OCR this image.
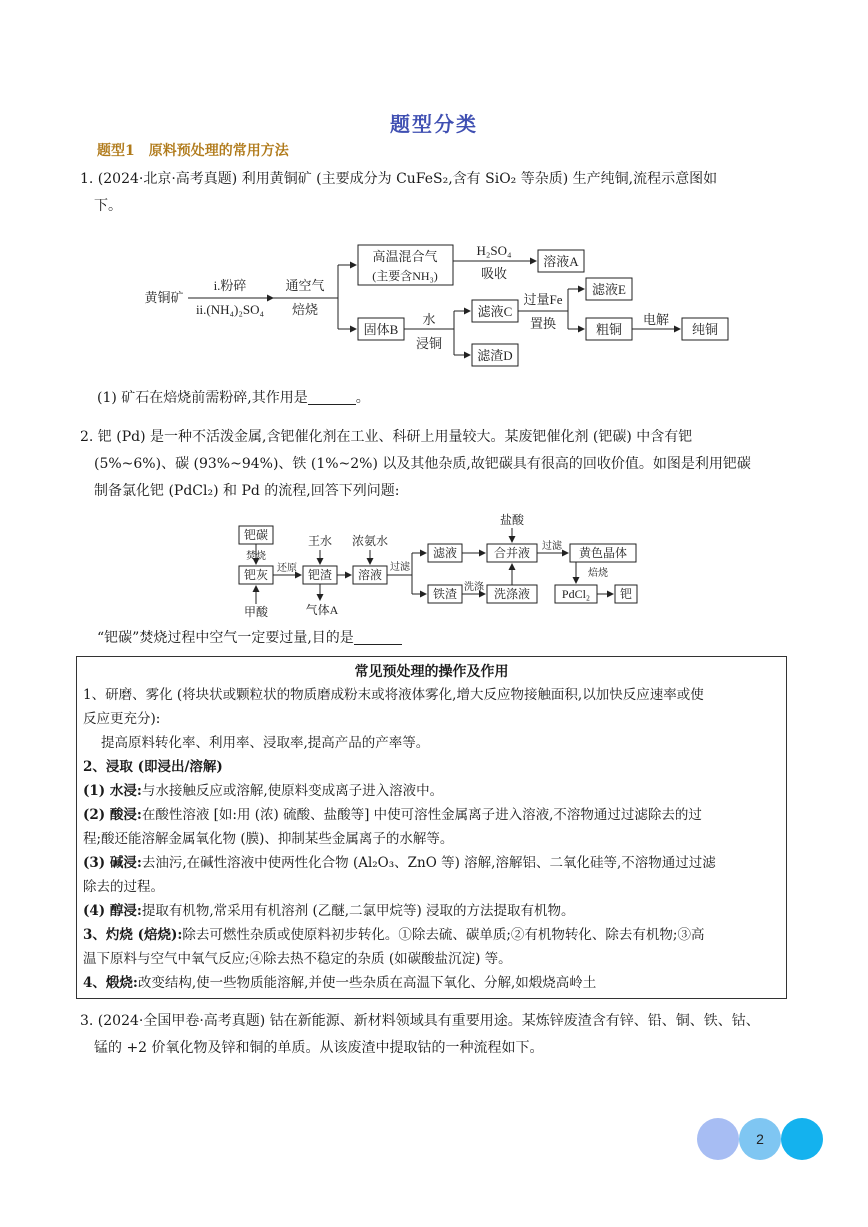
题型分类
题型1　原料预处理的常用方法
1. (2024·北京·高考真题) 利用黄铜矿 (主要成分为 CuFeS₂,含有 SiO₂ 等杂质) 生产纯铜,流程示意图如
下。
黄铜矿
i.粉碎
ii.(NH₄)₂SO₄
通空气
焙烧
高温混合气
(主要含NH₃)
H₂SO₄
吸收
溶液A
固体B
水
浸铜
滤液C
滤渣D
过量Fe
置换
滤液E
粗铜
电解
纯铜
(1) 矿石在焙烧前需粉碎,其作用是	。
2. 钯 (Pd) 是一种不活泼金属,含钯催化剂在工业、科研上用量较大。某废钯催化剂 (钯碳) 中含有钯
(5%~6%)、碳 (93%~94%)、铁 (1%~2%) 以及其他杂质,故钯碳具有很高的回收价值。如图是利用钯碳
制备氯化钯 (PdCl₂) 和 Pd 的流程,回答下列问题:
钯碳
焚烧
钯灰
甲酸
还原
王水
钯渣
气体A
浓氨水
溶液
过滤
滤液
盐酸
合并液 过滤 黄色晶体
铁渣 洗涤 洗涤液	PdCl₂
焙烧
钯
“钯碳”焚烧过程中空气一定要过量,目的是
常见预处理的操作及作用
1、研磨、雾化 (将块状或颗粒状的物质磨成粉末或将液体雾化,增大反应物接触面积,以加快反应速率或使
反应更充分):
提高原料转化率、利用率、浸取率,提高产品的产率等。
2、浸取 (即浸出/溶解)
(1) 水浸:与水接触反应或溶解,使原料变成离子进入溶液中。
(2) 酸浸:在酸性溶液 [如:用 (浓) 硫酸、盐酸等] 中使可溶性金属离子进入溶液,不溶物通过过滤除去的过
程;酸还能溶解金属氧化物 (膜)、抑制某些金属离子的水解等。
(3) 碱浸:去油污,在碱性溶液中使两性化合物 (Al₂O₃、ZnO 等) 溶解,溶解铝、二氧化硅等,不溶物通过过滤
除去的过程。
(4) 醇浸:提取有机物,常采用有机溶剂 (乙醚,二氯甲烷等) 浸取的方法提取有机物。
3、灼烧 (焙烧):除去可燃性杂质或使原料初步转化。①除去硫、碳单质;②有机物转化、除去有机物;③高
温下原料与空气中氧气反应;④除去热不稳定的杂质 (如碳酸盐沉淀) 等。
4、煅烧:改变结构,使一些物质能溶解,并使一些杂质在高温下氧化、分解,如煅烧高岭土
3. (2024·全国甲卷·高考真题) 钴在新能源、新材料领域具有重要用途。某炼锌废渣含有锌、铅、铜、铁、钴、
锰的 +2 价氧化物及锌和铜的单质。从该废渣中提取钴的一种流程如下。
2
